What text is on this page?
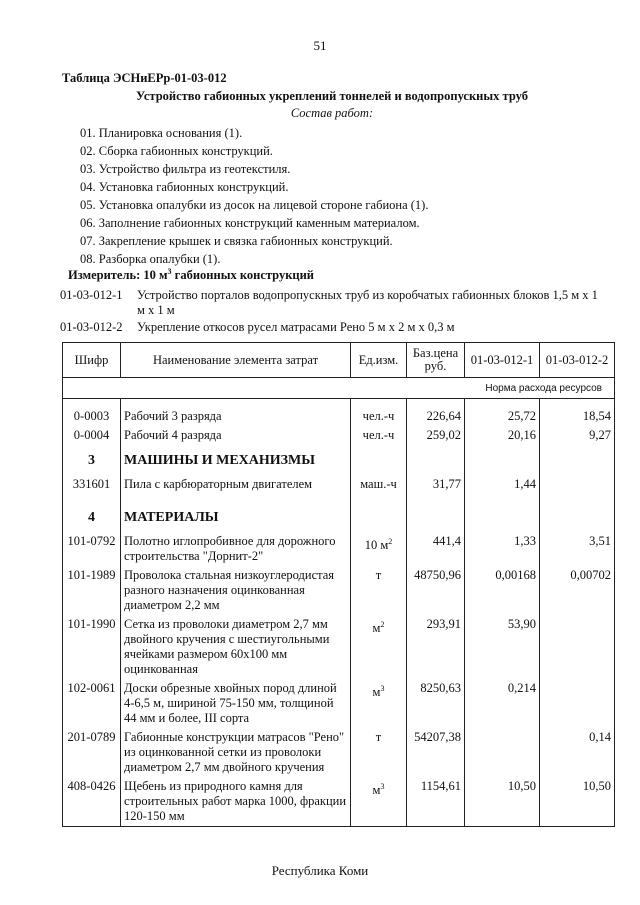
51
Таблица ЭСНиЕРр-01-03-012
Устройство габионных укреплений тоннелей и водопропускных труб
Состав работ:
01. Планировка основания (1).
02. Сборка габионных конструкций.
03. Устройство фильтра из геотекстиля.
04. Установка габионных конструкций.
05. Установка опалубки из досок на лицевой стороне габиона (1).
06. Заполнение габионных конструкций каменным материалом.
07. Закрепление крышек и связка габионных конструкций.
08. Разборка опалубки (1).
Измеритель: 10 $м^3$ габионных конструкций
01-03-012-1 Устройство порталов водопропускных труб из коробчатых габионных блоков 1,5 м х 1 м х 1 м
01-03-012-2 Укрепление откосов русел матрасами Рено 5 м х 2 м х 0,3 м
Шифр	Наименование элемента затрат	Ед.изм.	Баз.цена руб.	01-03-012-1	01-03-012-2
Норма расхода ресурсов					

0-0003	Рабочий 3 разряда	чел.-ч	226,64	25,72	18,54
0-0004	Рабочий 4 разряда	чел.-ч	259,02	20,16	9,27
3	МАШИНЫ И МЕХАНИЗМЫ				
331601	Пила с карбюраторным двигателем	маш.-ч	31,77	1,44	

4	МАТЕРИАЛЫ				
101-0792	Полотно иглопробивное для дорожного строительства "Дорнит-2"	10 $м^2$	441,4	1,33	3,51
101-1989	Проволока стальная низкоуглеродистая разного назначения оцинкованная диаметром 2,2 мм	т	48750,96	0,00168	0,00702
101-1990	Сетка из проволоки диаметром 2,7 мм двойного кручения с шестиугольными ячейками размером 60х100 мм оцинкованная	$м^2$	293,91	53,90	
102-0061	Доски обрезные хвойных пород длиной 4-6,5 м, шириной 75-150 мм, толщиной 44 мм и более, III сорта	$м^3$	8250,63	0,214	
201-0789	Габионные конструкции матрасов "Рено" из оцинкованной сетки из проволоки диаметром 2,7 мм двойного кручения	т	54207,38		0,14
408-0426	Щебень из природного камня для строительных работ марка 1000, фракции 120-150 мм	$м^3$	1154,61	10,50	10,50
Республика Коми
